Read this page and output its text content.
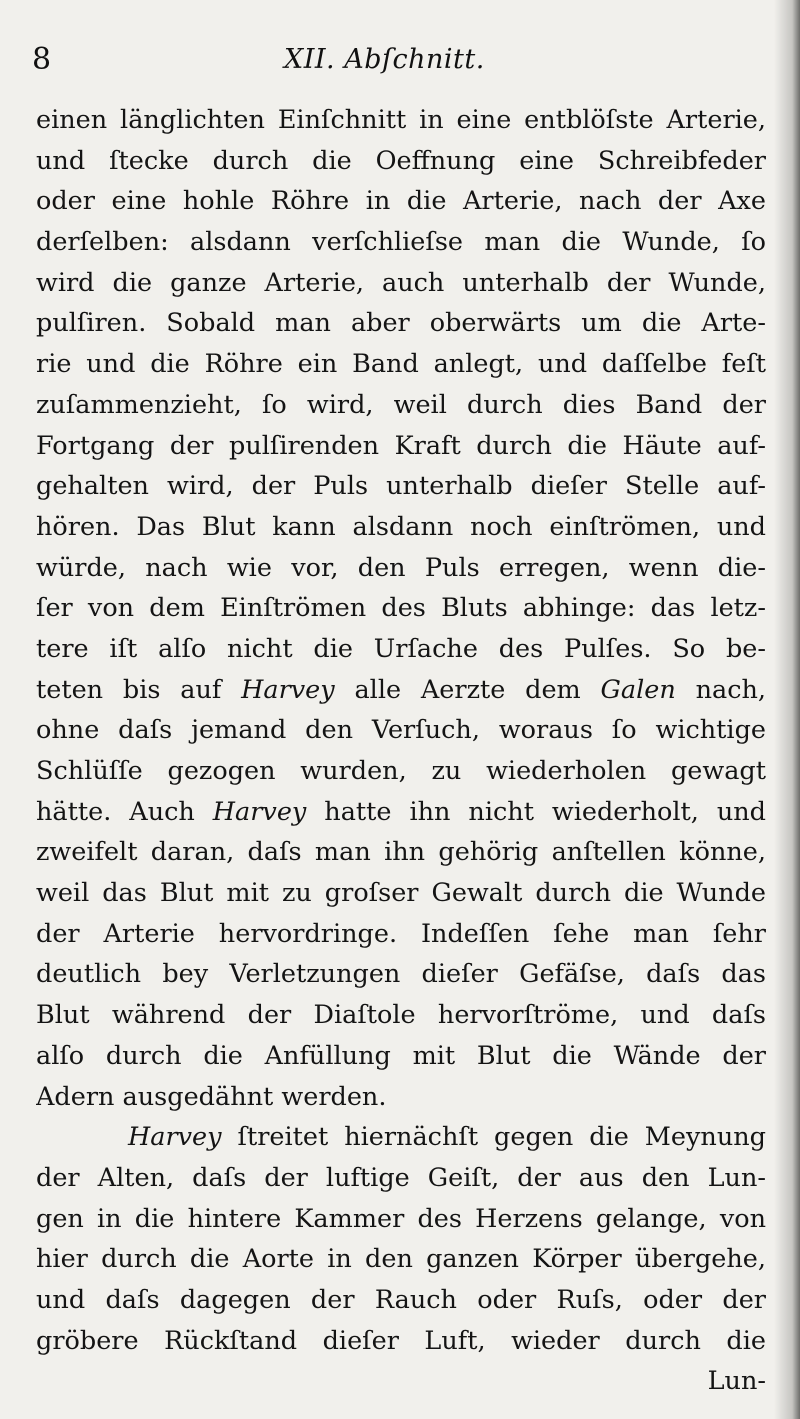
8	XII. Abſchnitt.
einen länglichten Einſchnitt in eine entblöſste Arterie,
und ſtecke durch die Oeffnung eine Schreibfeder
oder eine hohle Röhre in die Arterie, nach der Axe
derſelben: alsdann verſchlieſse man die Wunde, ſo
wird die ganze Arterie, auch unterhalb der Wunde,
pulſiren. Sobald man aber oberwärts um die Arte-
rie und die Röhre ein Band anlegt, und daſſelbe feſt
zuſammenzieht, ſo wird, weil durch dies Band der
Fortgang der pulſirenden Kraft durch die Häute auf-
gehalten wird, der Puls unterhalb dieſer Stelle auf-
hören. Das Blut kann alsdann noch einſtrömen, und
würde, nach wie vor, den Puls erregen, wenn die-
ſer von dem Einſtrömen des Bluts abhinge: das letz-
tere iſt alſo nicht die Urſache des Pulſes. So be-
teten bis auf Harvey alle Aerzte dem Galen nach,
ohne daſs jemand den Verſuch, woraus ſo wichtige
Schlüſſe gezogen wurden, zu wiederholen gewagt
hätte. Auch Harvey hatte ihn nicht wiederholt, und
zweifelt daran, daſs man ihn gehörig anſtellen könne,
weil das Blut mit zu groſser Gewalt durch die Wunde
der Arterie hervordringe. Indeſſen ſehe man ſehr
deutlich bey Verletzungen dieſer Gefäſse, daſs das
Blut während der Diaſtole hervorſtröme, und daſs
alſo durch die Anfüllung mit Blut die Wände der
Adern ausgedähnt werden.
Harvey ſtreitet hiernächſt gegen die Meynung
der Alten, daſs der luftige Geiſt, der aus den Lun-
gen in die hintere Kammer des Herzens gelange, von
hier durch die Aorte in den ganzen Körper übergehe,
und daſs dagegen der Rauch oder Ruſs, oder der
gröbere Rückſtand dieſer Luft, wieder durch die
Lun-
